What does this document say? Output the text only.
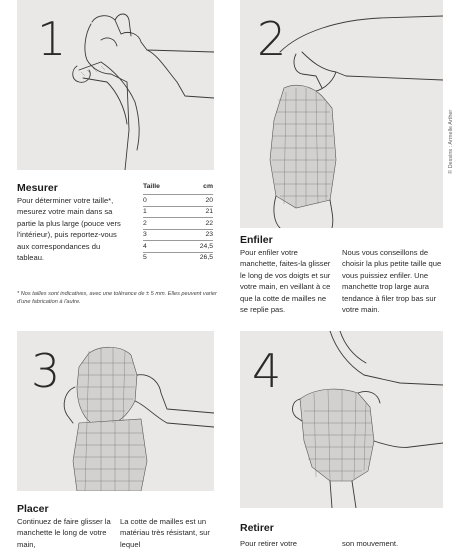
1	2
© Dessins : Armelle Arther
3	4
Mesurer

Pour déterminer votre taille*, mesurez votre main dans sa partie la plus large (pouce vers l'intérieur), puis reportez-vous aux correspondances du tableau.

Taille	cm
0	20
1	21
2	22
3	23
4	24,5
5	26,5

* Nos tailles sont indicatives, avec une tolérance de ± 5 mm. Elles peuvent varier d'une fabrication à l'autre.

Enfiler

Pour enfiler votre manchette, faites-la glisser le long de vos doigts et sur votre main, en veillant à ce que la cotte de mailles ne se replie pas.

Nous vous conseillons de choisir la plus petite taille que vous puissiez enfiler. Une manchette trop large aura tendance à filer trop bas sur votre main.

Placer

Continuez de faire glisser la manchette le long de votre main,

La cotte de mailles est un matériau très résistant, sur lequel

Retirer

Pour retirer votre	son mouvement.
